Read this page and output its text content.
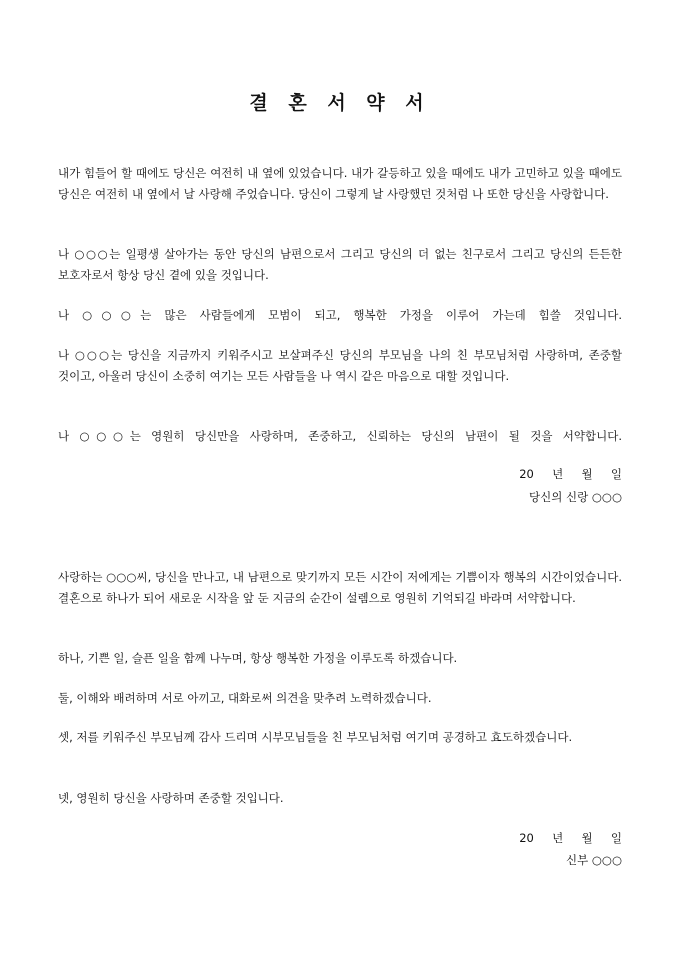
결 혼 서 약 서
내가 힘들어 할 때에도 당신은 여전히 내 옆에 있었습니다. 내가 갈등하고 있을 때에도 내가 고민하고 있을 때에도 당신은 여전히 내 옆에서 날 사랑해 주었습니다. 당신이 그렇게 날 사랑했던 것처럼 나 또한 당신을 사랑합니다.
나 ○○○는 일평생 살아가는 동안 당신의 남편으로서 그리고 당신의 더 없는 친구로서 그리고 당신의 든든한 보호자로서 항상 당신 곁에 있을 것입니다.
나 ○○○는 많은 사람들에게 모범이 되고, 행복한 가정을 이루어 가는데 힘쓸 것입니다.
나 ○○○는 당신을 지금까지 키워주시고 보살펴주신 당신의 부모님을 나의 친 부모님처럼 사랑하며, 존중할 것이고, 아울러 당신이 소중히 여기는 모든 사람들을 나 역시 같은 마음으로 대할 것입니다.
나 ○○○는 영원히 당신만을 사랑하며, 존중하고, 신뢰하는 당신의 남편이 될 것을 서약합니다.
20     년     월     일
당신의 신랑 ○○○
사랑하는 ○○○씨, 당신을 만나고, 내 남편으로 맞기까지 모든 시간이 저에게는 기쁨이자 행복의 시간이었습니다. 결혼으로 하나가 되어 새로운 시작을 앞 둔 지금의 순간이 설렘으로 영원히 기억되길 바라며 서약합니다.
하나, 기쁜 일, 슬픈 일을 함께 나누며, 항상 행복한 가정을 이루도록 하겠습니다.
둘, 이해와 배려하며 서로 아끼고, 대화로써 의견을 맞추려 노력하겠습니다.
셋, 저를 키워주신 부모님께 감사 드리며 시부모님들을 친 부모님처럼 여기며 공경하고 효도하겠습니다.
넷, 영원히 당신을 사랑하며 존중할 것입니다.
20     년     월     일
신부 ○○○
